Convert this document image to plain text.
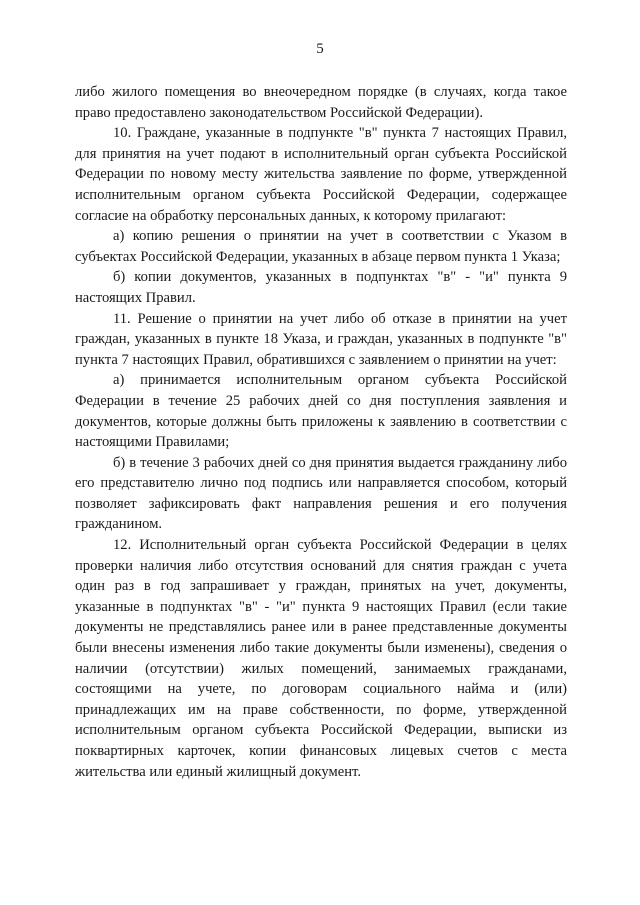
5

либо жилого помещения во внеочередном порядке (в случаях, когда такое право предоставлено законодательством Российской Федерации).

10. Граждане, указанные в подпункте "в" пункта 7 настоящих Правил, для принятия на учет подают в исполнительный орган субъекта Российской Федерации по новому месту жительства заявление по форме, утвержденной исполнительным органом субъекта Российской Федерации, содержащее согласие на обработку персональных данных, к которому прилагают:

а) копию решения о принятии на учет в соответствии с Указом в субъектах Российской Федерации, указанных в абзаце первом пункта 1 Указа;

б) копии документов, указанных в подпунктах "в" - "и" пункта 9 настоящих Правил.

11. Решение о принятии на учет либо об отказе в принятии на учет граждан, указанных в пункте 18 Указа, и граждан, указанных в подпункте "в" пункта 7 настоящих Правил, обратившихся с заявлением о принятии на учет:

а) принимается исполнительным органом субъекта Российской Федерации в течение 25 рабочих дней со дня поступления заявления и документов, которые должны быть приложены к заявлению в соответствии с настоящими Правилами;

б) в течение 3 рабочих дней со дня принятия выдается гражданину либо его представителю лично под подпись или направляется способом, который позволяет зафиксировать факт направления решения и его получения гражданином.

12. Исполнительный орган субъекта Российской Федерации в целях проверки наличия либо отсутствия оснований для снятия граждан с учета один раз в год запрашивает у граждан, принятых на учет, документы, указанные в подпунктах "в" - "и" пункта 9 настоящих Правил (если такие документы не представлялись ранее или в ранее представленные документы были внесены изменения либо такие документы были изменены), сведения о наличии (отсутствии) жилых помещений, занимаемых гражданами, состоящими на учете, по договорам социального найма и (или) принадлежащих им на праве собственности, по форме, утвержденной исполнительным органом субъекта Российской Федерации, выписки из поквартирных карточек, копии финансовых лицевых счетов с места жительства или единый жилищный документ.
